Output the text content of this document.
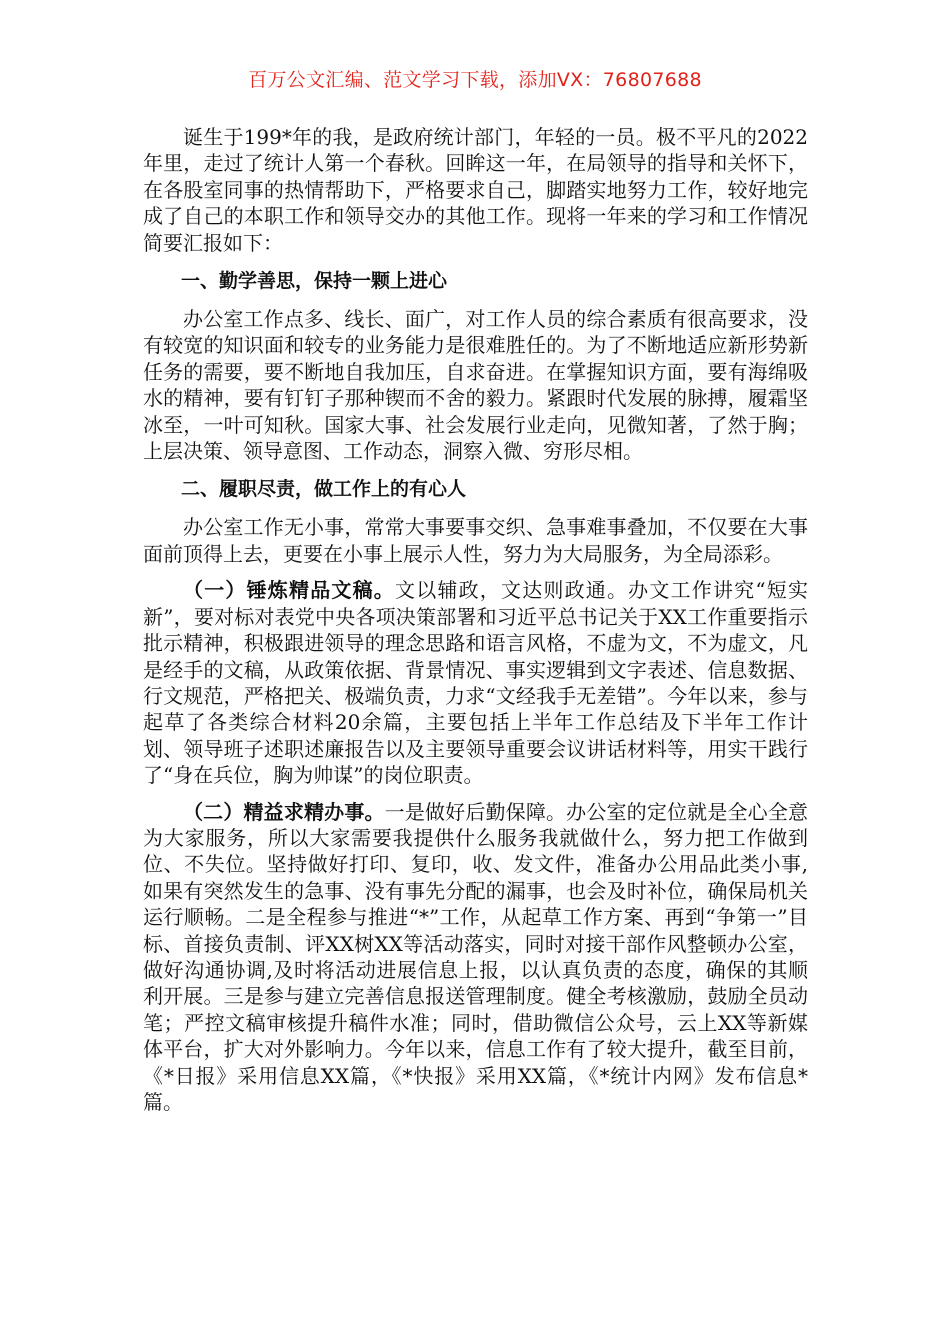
百万公文汇编、范文学习下载，添加VX：76807688

诞生于199*年的我，是政府统计部门，年轻的一员。极不平凡的2022年里，走过了统计人第一个春秋。回眸这一年，在局领导的指导和关怀下，在各股室同事的热情帮助下，严格要求自己，脚踏实地努力工作，较好地完成了自己的本职工作和领导交办的其他工作。现将一年来的学习和工作情况简要汇报如下：

一、勤学善思，保持一颗上进心

办公室工作点多、线长、面广，对工作人员的综合素质有很高要求，没有较宽的知识面和较专的业务能力是很难胜任的。为了不断地适应新形势新任务的需要，要不断地自我加压，自求奋进。在掌握知识方面，要有海绵吸水的精神，要有钉钉子那种锲而不舍的毅力。紧跟时代发展的脉搏，履霜坚冰至，一叶可知秋。国家大事、社会发展行业走向，见微知著，了然于胸；上层决策、领导意图、工作动态，洞察入微、穷形尽相。

二、履职尽责，做工作上的有心人

办公室工作无小事，常常大事要事交织、急事难事叠加，不仅要在大事面前顶得上去，更要在小事上展示人性，努力为大局服务，为全局添彩。

（一）锤炼精品文稿。文以辅政，文达则政通。办文工作讲究“短实新”，要对标对表党中央各项决策部署和习近平总书记关于XX工作重要指示批示精神，积极跟进领导的理念思路和语言风格，不虚为文，不为虚文，凡是经手的文稿，从政策依据、背景情况、事实逻辑到文字表述、信息数据、行文规范，严格把关、极端负责，力求“文经我手无差错”。今年以来，参与起草了各类综合材料20余篇，主要包括上半年工作总结及下半年工作计划、领导班子述职述廉报告以及主要领导重要会议讲话材料等，用实干践行了“身在兵位，胸为帅谋”的岗位职责。

（二）精益求精办事。一是做好后勤保障。办公室的定位就是全心全意为大家服务，所以大家需要我提供什么服务我就做什么，努力把工作做到位、不失位。坚持做好打印、复印，收、发文件，准备办公用品此类小事,如果有突然发生的急事、没有事先分配的漏事，也会及时补位，确保局机关运行顺畅。二是全程参与推进“*”工作，从起草工作方案、再到“争第一”目标、首接负责制、评XX树XX等活动落实，同时对接干部作风整顿办公室，做好沟通协调,及时将活动进展信息上报，以认真负责的态度，确保的其顺利开展。三是参与建立完善信息报送管理制度。健全考核激励，鼓励全员动笔；严控文稿审核提升稿件水准；同时，借助微信公众号，云上XX等新媒体平台，扩大对外影响力。今年以来，信息工作有了较大提升，截至目前，《*日报》采用信息XX篇，《*快报》采用XX篇，《*统计内网》发布信息*篇。
